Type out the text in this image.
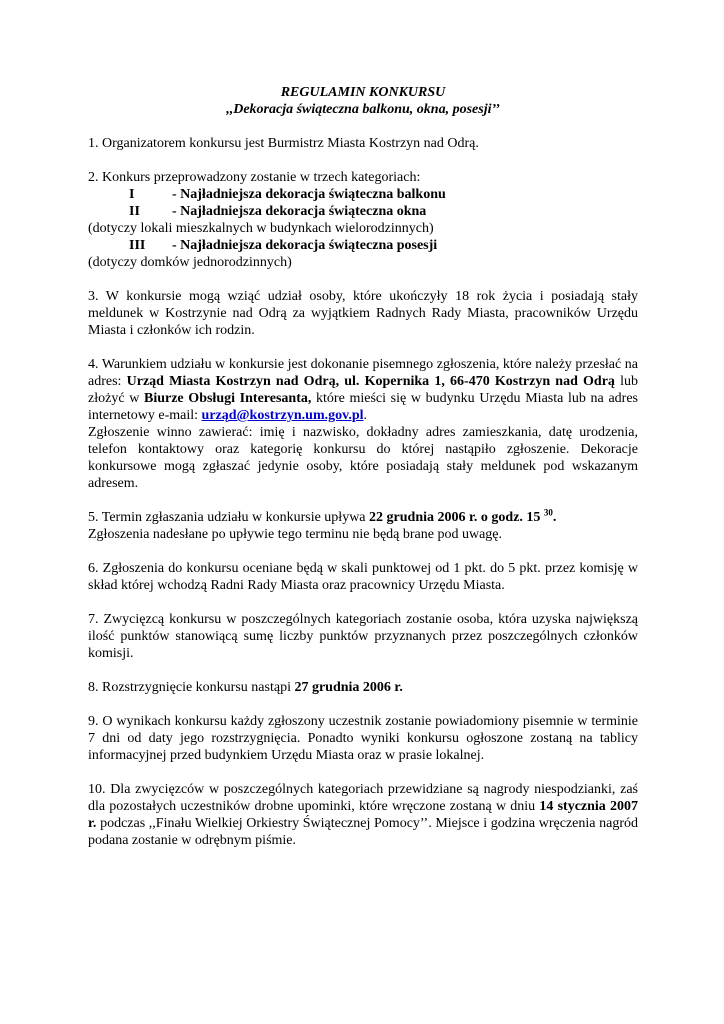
REGULAMIN KONKURSU
,,Dekoracja świąteczna balkonu, okna, posesji’’

1. Organizatorem konkursu jest Burmistrz Miasta Kostrzyn nad Odrą.

2. Konkurs przeprowadzony zostanie w trzech kategoriach:
I	- Najładniejsza dekoracja świąteczna balkonu
II - Najładniejsza dekoracja świąteczna okna
(dotyczy lokali mieszkalnych w budynkach wielorodzinnych)
III - Najładniejsza dekoracja świąteczna posesji
(dotyczy domków jednorodzinnych)

3. W konkursie mogą wziąć udział osoby, które ukończyły 18 rok życia i posiadają stały meldunek w Kostrzynie nad Odrą za wyjątkiem Radnych Rady Miasta, pracowników Urzędu Miasta i członków ich rodzin.

4. Warunkiem udziału w konkursie jest dokonanie pisemnego zgłoszenia, które należy przesłać na adres: Urząd Miasta Kostrzyn nad Odrą, ul. Kopernika 1, 66-470 Kostrzyn nad Odrą lub złożyć w Biurze Obsługi Interesanta, które mieści się w budynku Urzędu Miasta lub na adres internetowy e-mail: urząd@kostrzyn.um.gov.pl.
Zgłoszenie winno zawierać: imię i nazwisko, dokładny adres zamieszkania, datę urodzenia, telefon kontaktowy oraz kategorię konkursu do której nastąpiło zgłoszenie. Dekoracje konkursowe mogą zgłaszać jedynie osoby, które posiadają stały meldunek pod wskazanym adresem.
5. Termin zgłaszania udziału w konkursie upływa 22 grudnia 2006 r. o godz. 15 $^{30}$.
Zgłoszenia nadesłane po upływie tego terminu nie będą brane pod uwagę.

6. Zgłoszenia do konkursu oceniane będą w skali punktowej od 1 pkt. do 5 pkt. przez komisję w skład której wchodzą Radni Rady Miasta oraz pracownicy Urzędu Miasta.

7. Zwycięzcą konkursu w poszczególnych kategoriach zostanie osoba, która uzyska największą ilość punktów stanowiącą sumę liczby punktów przyznanych przez poszczególnych członków komisji.

8. Rozstrzygnięcie konkursu nastąpi 27 grudnia 2006 r.

9. O wynikach konkursu każdy zgłoszony uczestnik zostanie powiadomiony pisemnie w terminie 7 dni od daty jego rozstrzygnięcia. Ponadto wyniki konkursu ogłoszone zostaną na tablicy informacyjnej przed budynkiem Urzędu Miasta oraz w prasie lokalnej.

10. Dla zwycięzców w poszczególnych kategoriach przewidziane są nagrody niespodzianki, zaś dla pozostałych uczestników drobne upominki, które wręczone zostaną w dniu 14 stycznia 2007 r. podczas ,,Finału Wielkiej Orkiestry Świątecznej Pomocy’’. Miejsce i godzina wręczenia nagród podana zostanie w odrębnym piśmie.
